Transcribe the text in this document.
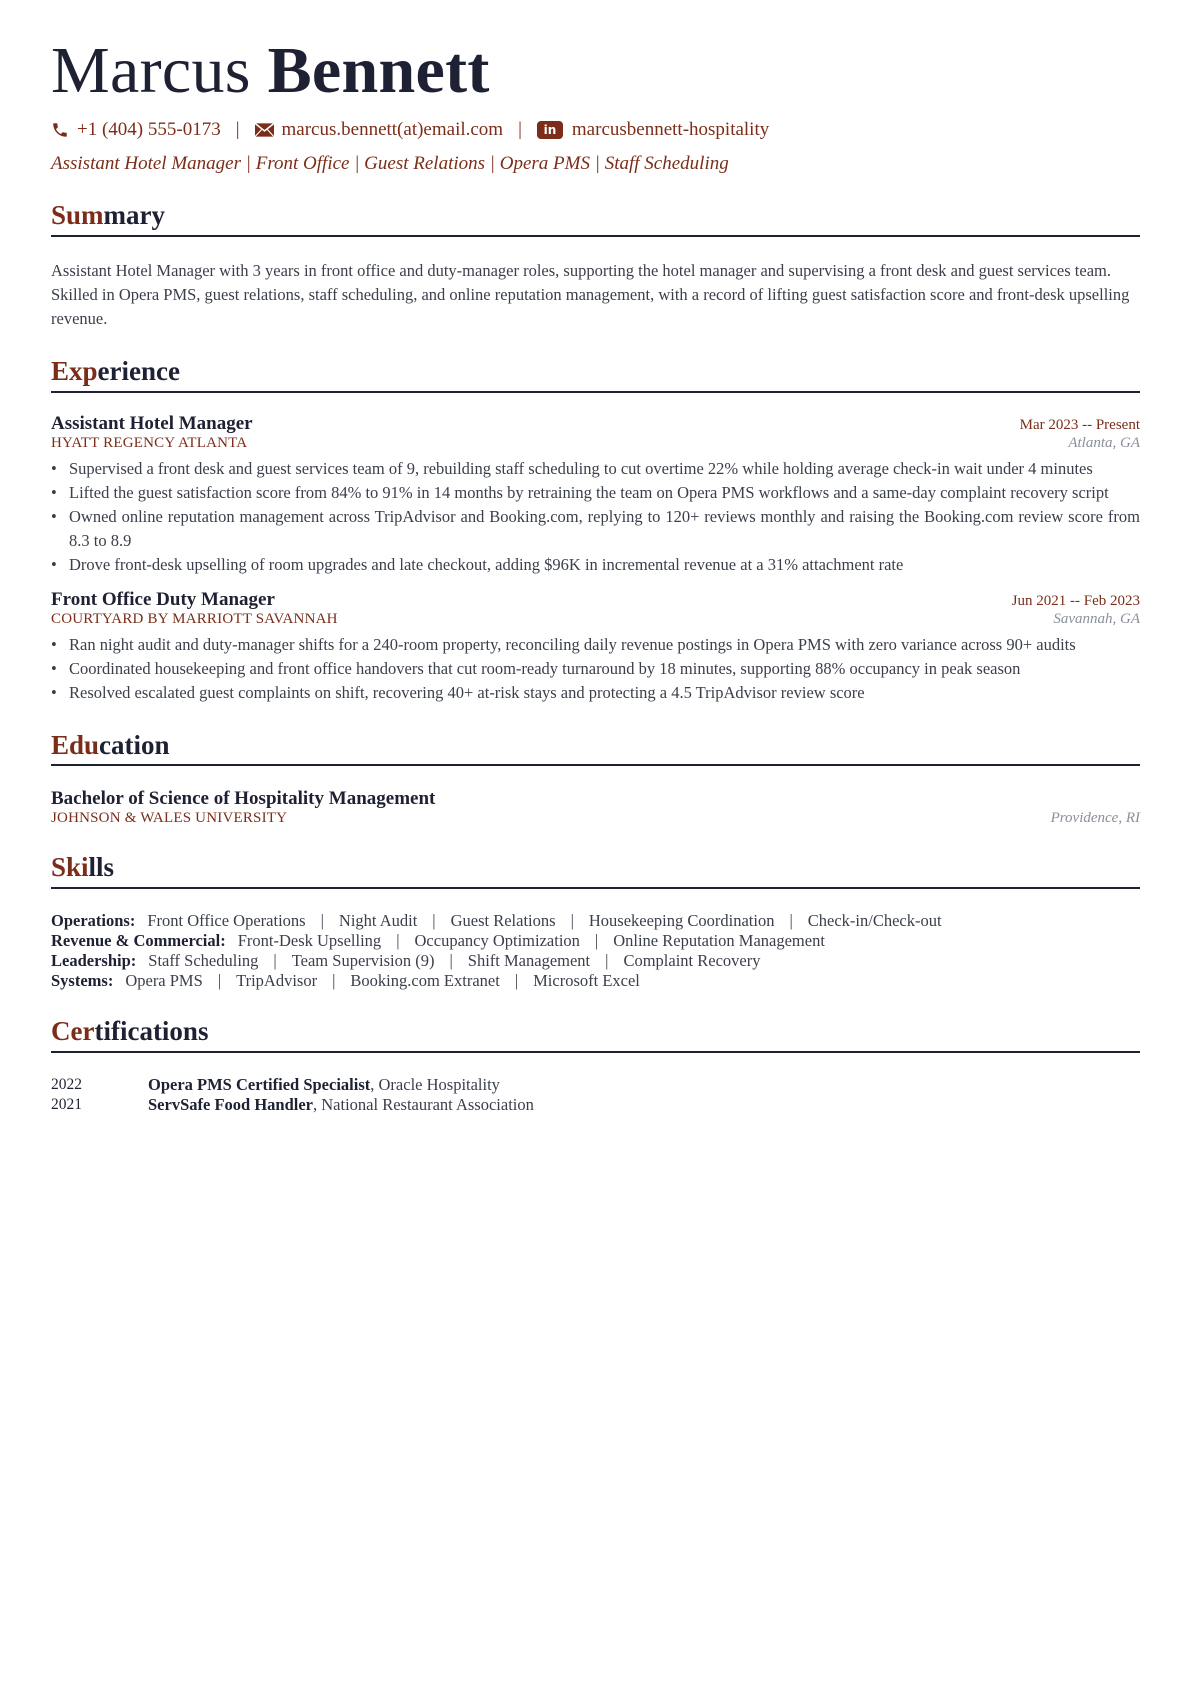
Marcus Bennett
+1 (404) 555-0173 | marcus.bennett(at)email.com |	in marcusbennett-hospitality
Assistant Hotel Manager | Front Office | Guest Relations | Opera PMS | Staff Scheduling
Summary

Assistant Hotel Manager with 3 years in front office and duty-manager roles, supporting the hotel manager and supervising a front desk and guest services team. Skilled in Opera PMS, guest relations, staff scheduling, and online reputation management, with a record of lifting guest satisfaction score and front-desk upselling revenue.

Experience
Assistant Hotel Manager	Mar 2023 -- Present
HYATT REGENCY ATLANTA	Atlanta, GA
• Supervised a front desk and guest services team of 9, rebuilding staff scheduling to cut overtime 22% while holding average check-in wait under 4 minutes
• Lifted the guest satisfaction score from 84% to 91% in 14 months by retraining the team on Opera PMS workflows and a same-day complaint recovery script
• Owned online reputation management across TripAdvisor and Booking.com, replying to 120+ reviews monthly and raising the Booking.com review score from 8.3 to 8.9
• Drove front-desk upselling of room upgrades and late checkout, adding $96K in incremental revenue at a 31% attachment rate
Front Office Duty Manager	Jun 2021 -- Feb 2023
COURTYARD BY MARRIOTT SAVANNAH	Savannah, GA
• Ran night audit and duty-manager shifts for a 240-room property, reconciling daily revenue postings in Opera PMS with zero variance across 90+ audits
• Coordinated housekeeping and front office handovers that cut room-ready turnaround by 18 minutes, supporting 88% occupancy in peak season
• Resolved escalated guest complaints on shift, recovering 40+ at-risk stays and protecting a 4.5 TripAdvisor review score
Education
Bachelor of Science of Hospitality Management
JOHNSON & WALES UNIVERSITY	Providence, RI
Skills
Operations: Front Office Operations | Night Audit | Guest Relations | Housekeeping Coordination | Check-in/Check-out
Revenue & Commercial: Front-Desk Upselling | Occupancy Optimization | Online Reputation Management
Leadership: Staff Scheduling | Team Supervision (9) | Shift Management | Complaint Recovery
Systems: Opera PMS | TripAdvisor | Booking.com Extranet | Microsoft Excel
Certifications
2022	Opera PMS Certified Specialist, Oracle Hospitality
2021	ServSafe Food Handler, National Restaurant Association
